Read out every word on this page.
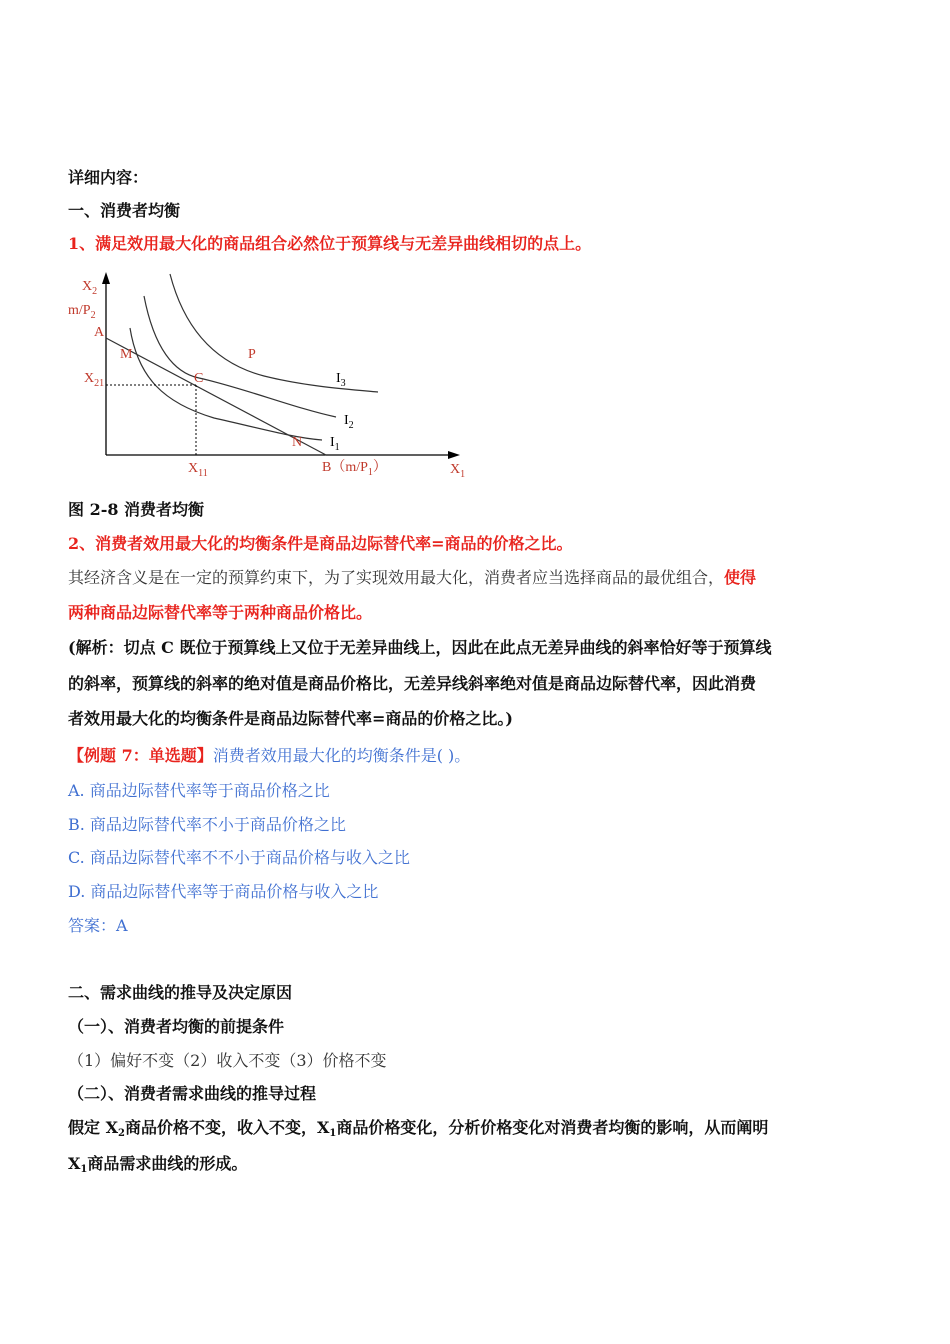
详细内容：
一、消费者均衡
1、满足效用最大化的商品组合必然位于预算线与无差异曲线相切的点上。
$X_2$
$m/P_2$
A
M	P
$X_{21}$	C	$I_3$
$I_2$
$I_1$
N
$X_{11}$	$B(m/P_1)$	$X_1$
图 2-8 消费者均衡
2、消费者效用最大化的均衡条件是商品边际替代率=商品的价格之比。
其经济含义是在一定的预算约束下，为了实现效用最大化，消费者应当选择商品的最优组合，使得
两种商品边际替代率等于两种商品价格比。
(解析：切点 C 既位于预算线上又位于无差异曲线上，因此在此点无差异曲线的斜率恰好等于预算线
的斜率，预算线的斜率的绝对值是商品价格比，无差异线斜率绝对值是商品边际替代率，因此消费
者效用最大化的均衡条件是商品边际替代率=商品的价格之比。)
【例题 7：单选题】消费者效用最大化的均衡条件是( )。
A. 商品边际替代率等于商品价格之比
B. 商品边际替代率不小于商品价格之比
C. 商品边际替代率不不小于商品价格与收入之比
D. 商品边际替代率等于商品价格与收入之比
答案：A
二、需求曲线的推导及决定原因
（一）、消费者均衡的前提条件
（1）偏好不变（2）收入不变（3）价格不变
（二）、消费者需求曲线的推导过程
假定 $X_2$商品价格不变，收入不变，$X_1$商品价格变化，分析价格变化对消费者均衡的影响，从而阐明
$X_1$商品需求曲线的形成。
